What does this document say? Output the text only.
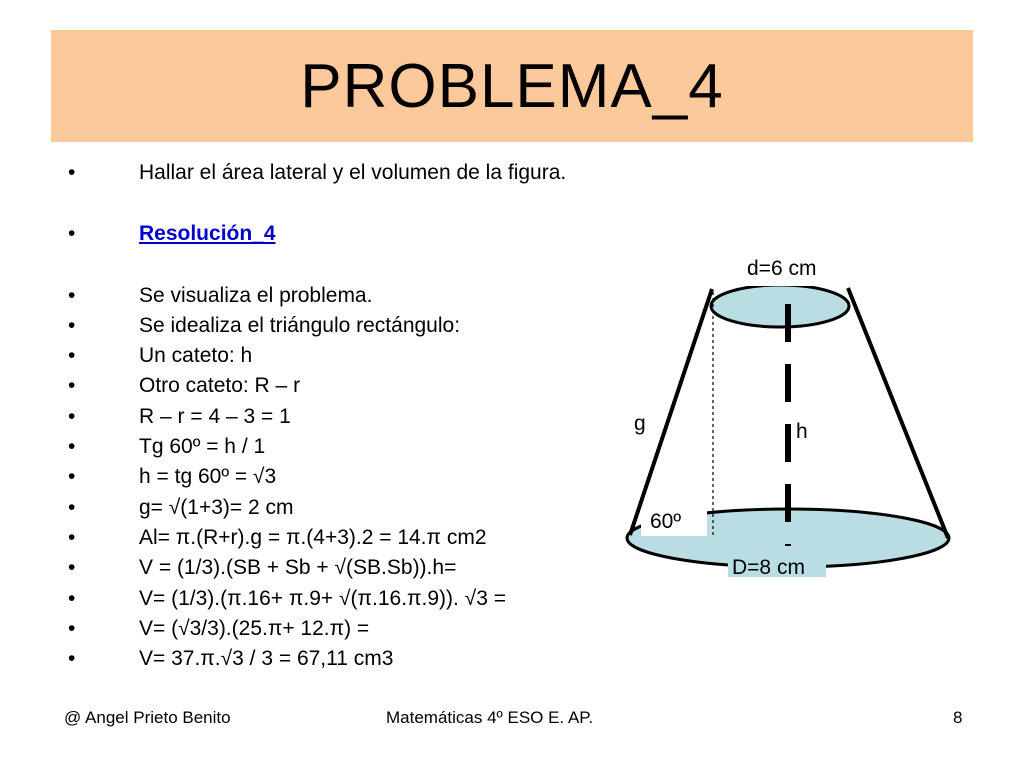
PROBLEMA_4
•	Hallar el área lateral y el volumen de la figura.
•	Resolución_4
•	Se visualiza el problema.
•	Se idealiza el triángulo rectángulo:
•	Un cateto: h
•	Otro cateto: R – r
•	R – r = 4 – 3 = 1
•	Tg 60º = h / 1
•	h = tg 60º = √3
•	g= √(1+3)= 2 cm
•	Al= π.(R+r).g = π.(4+3).2 = 14.π cm2
•	V = (1/3).(SB + Sb + √(SB.Sb)).h=
•	V= (1/3).(π.16+ π.9+ √(π.16.π.9)). √3 =
•	V= (√3/3).(25.π+ 12.π) =
•	V= 37.π.√3 / 3 = 67,11 cm3
d=6 cm
g	h
60º
D=8 cm
@ Angel Prieto Benito	Matemáticas 4º ESO E. AP.	8
